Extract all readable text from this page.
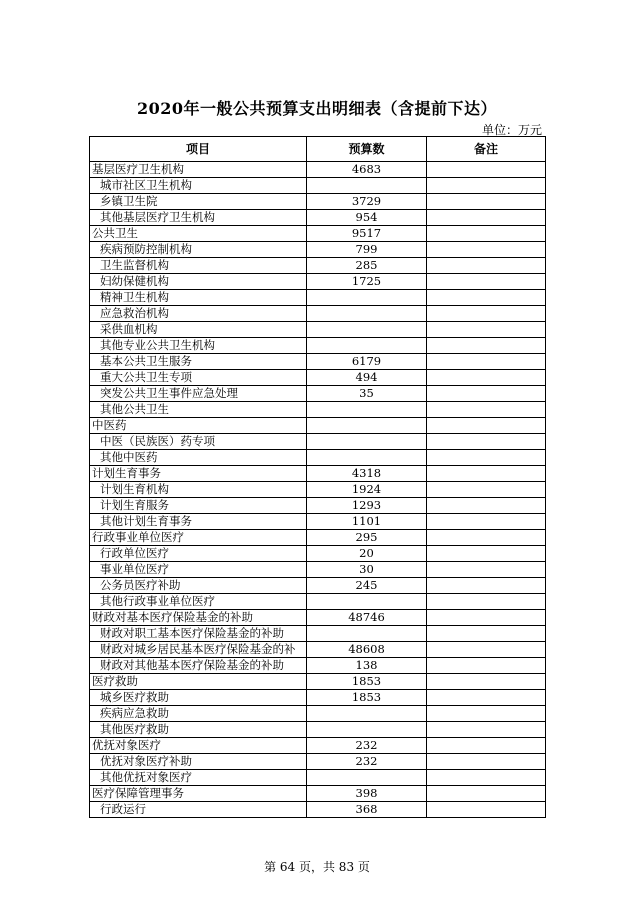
2020年一般公共预算支出明细表（含提前下达）
单位：万元
项目	预算数	备注
基层医疗卫生机构	4683	
城市社区卫生机构		
乡镇卫生院	3729	
其他基层医疗卫生机构	954	
公共卫生	9517	
疾病预防控制机构	799	
卫生监督机构	285	
妇幼保健机构	1725	
精神卫生机构		
应急救治机构		
采供血机构		
其他专业公共卫生机构		
基本公共卫生服务	6179	
重大公共卫生专项	494	
突发公共卫生事件应急处理	35	
其他公共卫生		
中医药		
中医（民族医）药专项		
其他中医药		
计划生育事务	4318	
计划生育机构	1924	
计划生育服务	1293	
其他计划生育事务	1101	
行政事业单位医疗	295	
行政单位医疗	20	
事业单位医疗	30	
公务员医疗补助	245	
其他行政事业单位医疗		
财政对基本医疗保险基金的补助	48746	
财政对职工基本医疗保险基金的补助		
财政对城乡居民基本医疗保险基金的补	48608	
财政对其他基本医疗保险基金的补助	138	
医疗救助	1853	
城乡医疗救助	1853	
疾病应急救助		
其他医疗救助		
优抚对象医疗	232	
优抚对象医疗补助	232	
其他优抚对象医疗		
医疗保障管理事务	398	
行政运行	368	
第 64 页，共 83 页
